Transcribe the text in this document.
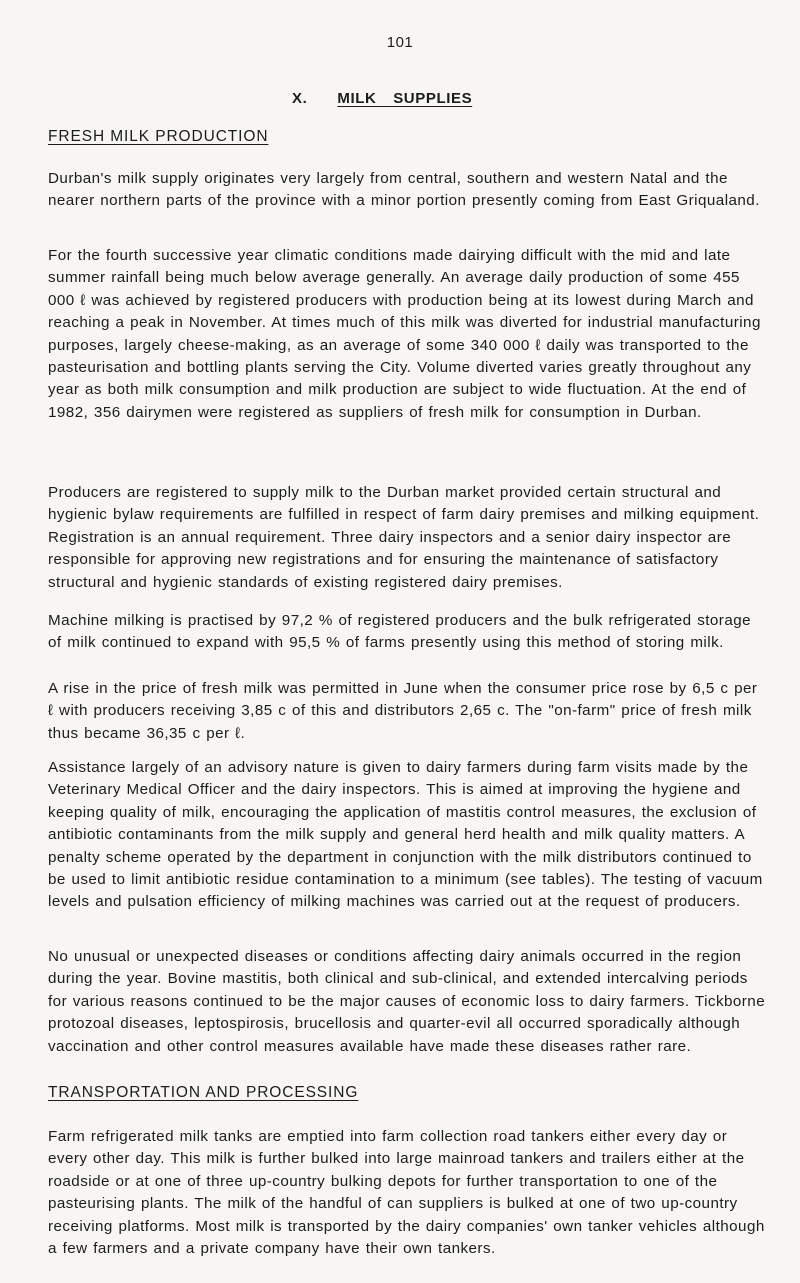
101
X. MILK SUPPLIES
FRESH MILK PRODUCTION

Durban's milk supply originates very largely from central, southern and western Natal and the nearer northern parts of the province with a minor portion presently coming from East Griqualand.

For the fourth successive year climatic conditions made dairying difficult with the mid and late summer rainfall being much below average generally. An average daily production of some 455 000 ℓ was achieved by registered producers with production being at its lowest during March and reaching a peak in November. At times much of this milk was diverted for industrial manufacturing purposes, largely cheese-making, as an average of some 340 000 ℓ daily was transported to the pasteurisation and bottling plants serving the City. Volume diverted varies greatly throughout any year as both milk consumption and milk production are subject to wide fluctuation. At the end of 1982, 356 dairymen were registered as suppliers of fresh milk for consumption in Durban.

Producers are registered to supply milk to the Durban market provided certain structural and hygienic bylaw requirements are fulfilled in respect of farm dairy premises and milking equipment. Registration is an annual requirement. Three dairy inspectors and a senior dairy inspector are responsible for approving new registrations and for ensuring the maintenance of satisfactory structural and hygienic standards of existing registered dairy premises.

Machine milking is practised by 97,2 % of registered producers and the bulk refrigerated storage of milk continued to expand with 95,5 % of farms presently using this method of storing milk.

A rise in the price of fresh milk was permitted in June when the consumer price rose by 6,5 c per ℓ with producers receiving 3,85 c of this and distributors 2,65 c. The "on-farm" price of fresh milk thus became 36,35 c per ℓ.

Assistance largely of an advisory nature is given to dairy farmers during farm visits made by the Veterinary Medical Officer and the dairy inspectors. This is aimed at improving the hygiene and keeping quality of milk, encouraging the application of mastitis control measures, the exclusion of antibiotic contaminants from the milk supply and general herd health and milk quality matters. A penalty scheme operated by the department in conjunction with the milk distributors continued to be used to limit antibiotic residue contamination to a minimum (see tables). The testing of vacuum levels and pulsation efficiency of milking machines was carried out at the request of producers.

No unusual or unexpected diseases or conditions affecting dairy animals occurred in the region during the year. Bovine mastitis, both clinical and sub-clinical, and extended intercalving periods for various reasons continued to be the major causes of economic loss to dairy farmers. Tickborne protozoal diseases, leptospirosis, brucellosis and quarter-evil all occurred sporadically although vaccination and other control measures available have made these diseases rather rare.

TRANSPORTATION AND PROCESSING

Farm refrigerated milk tanks are emptied into farm collection road tankers either every day or every other day. This milk is further bulked into large mainroad tankers and trailers either at the roadside or at one of three up-country bulking depots for further transportation to one of the pasteurising plants. The milk of the handful of can suppliers is bulked at one of two up-country receiving platforms. Most milk is transported by the dairy companies' own tanker vehicles although a few farmers and a private company have their own tankers.
